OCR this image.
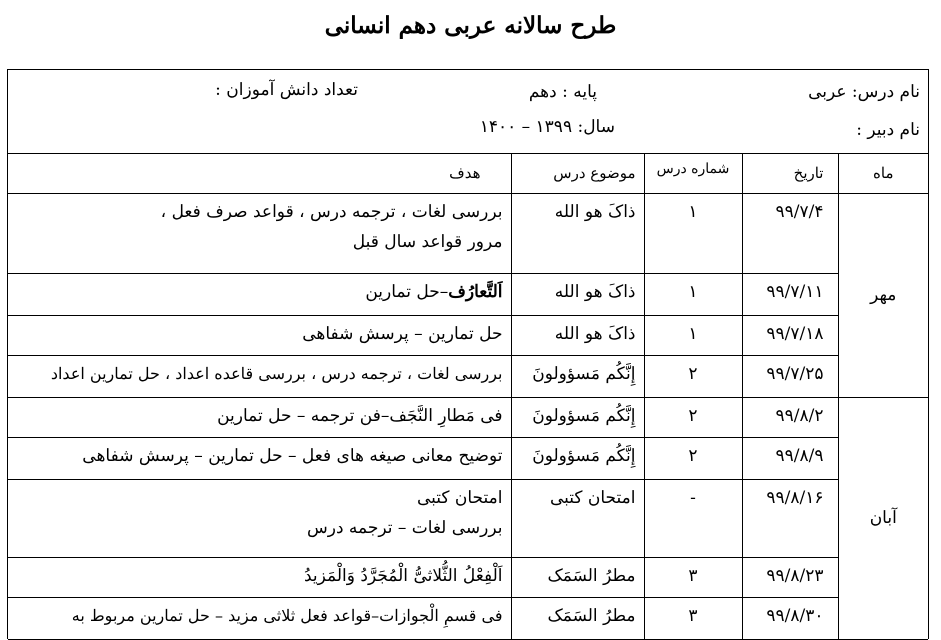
طرح سالانه عربی دهم انسانی
نام درس: عربی
پایه : دهم
تعداد دانش آموزان :
نام دبیر :
سال: ۱۳۹۹ – ۱۴۰۰
ماه	تاریخ	شماره درس	موضوع درس	هدف
مهر	۹۹/۷/۴	۱	ذاکَ هو الله	بررسی لغات ، ترجمه درس ، قواعد صرف فعل ،
مرور قواعد سال قبل

	۹۹/۷/۱۱	۱	ذاکَ هو الله	اَلتَّعارُف–حل تمارین

	۹۹/۷/۱۸	۱	ذاکَ هو الله	حل تمارین – پرسش شفاهی

	۹۹/۷/۲۵	۲	إِنَّکُم مَسؤولونَ	بررسی لغات ، ترجمه درس ، بررسی قاعده اعداد ، حل تمارین اعداد

آبان	۹۹/۸/۲	۲	إِنَّکُم مَسؤولونَ	فی مَطارِ النَّجَف–فن ترجمه – حل تمارین

	۹۹/۸/۹	۲	إِنَّکُم مَسؤولونَ	توضیح معانی صیغه های فعل – حل تمارین – پرسش شفاهی

	۹۹/۸/۱۶	-	امتحان کتبی	امتحان کتبی
بررسی لغات – ترجمه درس

	۹۹/۸/۲۳	۳	مطرُ السَمَک	اَلْفِعْلُ الثُّلاثیُّ الْمُجَرَّدُ وَالْمَزیدُ

	۹۹/۸/۳۰	۳	مطرُ السَمَک	فی قسمِ الْجوازات–قواعد فعل ثلاثی مزید – حل تمارین مربوط به
